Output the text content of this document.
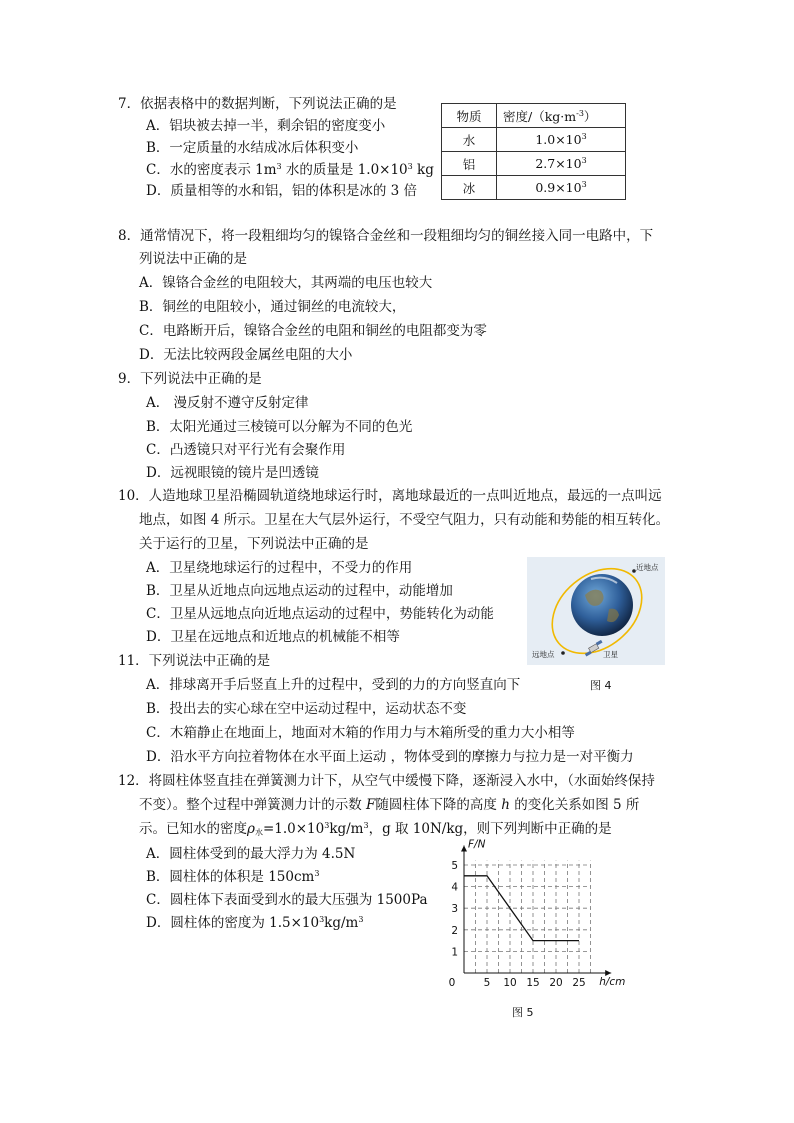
7．依据表格中的数据判断，下列说法正确的是
A．铝块被去掉一半，剩余铝的密度变小
B．一定质量的水结成冰后体积变小
C．水的密度表示 $1m^3$ 水的质量是 $1.0\times 10^3$ kg
D．质量相等的水和铝，铝的体积是冰的 3 倍
物质	密度$/(kg\cdot m^{-3})$
水	$1.0\times 10^3$
铝	$2.7\times 10^3$
冰	$0.9\times 10^3$
8．通常情况下，将一段粗细均匀的镍铬合金丝和一段粗细均匀的铜丝接入同一电路中，下
列说法中正确的是
A．镍铬合金丝的电阻较大，其两端的电压也较大
B．铜丝的电阻较小，通过铜丝的电流较大，
C．电路断开后，镍铬合金丝的电阻和铜丝的电阻都变为零
D．无法比较两段金属丝电阻的大小
9．下列说法中正确的是
A． 漫反射不遵守反射定律
B．太阳光通过三棱镜可以分解为不同的色光
C．凸透镜只对平行光有会聚作用
D．远视眼镜的镜片是凹透镜
10．人造地球卫星沿椭圆轨道绕地球运行时，离地球最近的一点叫近地点，最远的一点叫远
地点，如图 4 所示。卫星在大气层外运行，不受空气阻力，只有动能和势能的相互转化。
关于运行的卫星，下列说法中正确的是
A．卫星绕地球运行的过程中，不受力的作用
B．卫星从近地点向远地点运动的过程中，动能增加
C．卫星从远地点向近地点运动的过程中，势能转化为动能
D．卫星在远地点和近地点的机械能不相等
近地点
远地点	卫星
图 4
11．下列说法中正确的是
A．排球离开手后竖直上升的过程中，受到的力的方向竖直向下
B．投出去的实心球在空中运动过程中，运动状态不变
C．木箱静止在地面上，地面对木箱的作用力与木箱所受的重力大小相等
D．沿水平方向拉着物体在水平面上运动 ，物体受到的摩擦力与拉力是一对平衡力
12．将圆柱体竖直挂在弹簧测力计下，从空气中缓慢下降，逐渐浸入水中，（水面始终保持
不变）。整个过程中弹簧测力计的示数 F随圆柱体下降的高度 h 的变化关系如图 5 所
示。已知水的密度$\rho_水=1.0\times 10^3kg/m^3$，g 取 10N/kg，则下列判断中正确的是
A．圆柱体受到的最大浮力为 4.5N
B．圆柱体的体积是 $150cm^3$
C．圆柱体下表面受到水的最大压强为 1500Pa
D．圆柱体的密度为 $1.5\times 10^3kg/m^3$
5 10 15 20 25
1
2
3
4
5
0	h/cm
F/N
图 5
